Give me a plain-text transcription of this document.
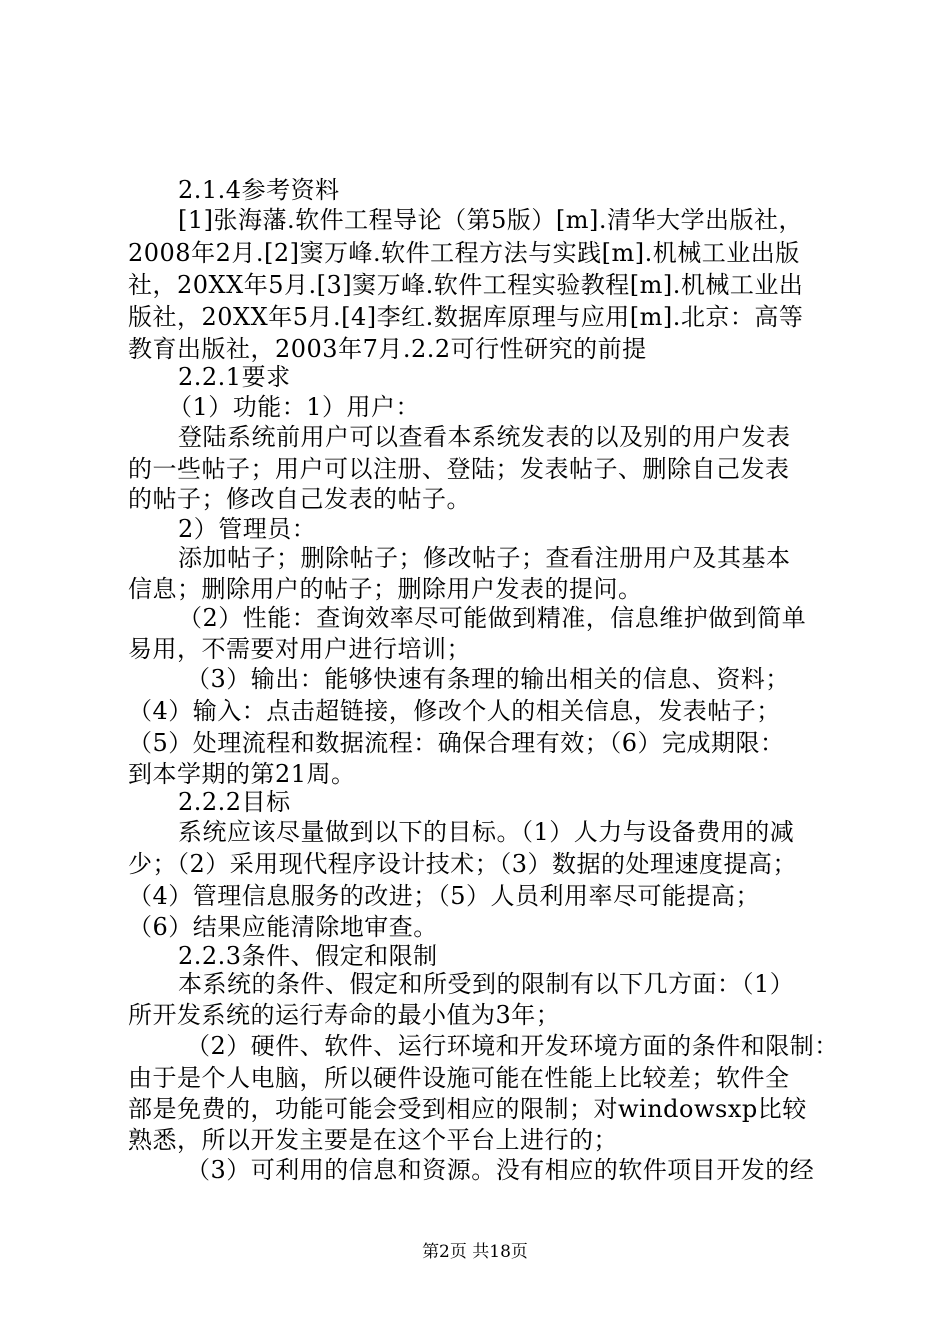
2.1.4参考资料
[1]张海藩.软件工程导论（第5版）[m].清华大学出版社，
2008年2月.[2]窦万峰.软件工程方法与实践[m].机械工业出版
社，20XX年5月.[3]窦万峰.软件工程实验教程[m].机械工业出
版社，20XX年5月.[4]李红.数据库原理与应用[m].北京：高等
教育出版社，2003年7月.2.2可行性研究的前提
2.2.1要求
（1）功能：1）用户：
登陆系统前用户可以查看本系统发表的以及别的用户发表
的一些帖子；用户可以注册、登陆；发表帖子、删除自己发表
的帖子；修改自己发表的帖子。
2）管理员：
添加帖子；删除帖子；修改帖子；查看注册用户及其基本
信息；删除用户的帖子；删除用户发表的提问。
（2）性能：查询效率尽可能做到精准，信息维护做到简单
易用，不需要对用户进行培训；
（3）输出：能够快速有条理的输出相关的信息、资料；
（4）输入：点击超链接，修改个人的相关信息，发表帖子；
（5）处理流程和数据流程：确保合理有效；（6）完成期限：
到本学期的第21周。
2.2.2目标
系统应该尽量做到以下的目标。（1）人力与设备费用的减
少；（2）采用现代程序设计技术；（3）数据的处理速度提高；
（4）管理信息服务的改进；（5）人员利用率尽可能提高；
（6）结果应能清除地审查。
2.2.3条件、假定和限制
本系统的条件、假定和所受到的限制有以下几方面：（1）
所开发系统的运行寿命的最小值为3年；
（2）硬件、软件、运行环境和开发环境方面的条件和限制：
由于是个人电脑，所以硬件设施可能在性能上比较差；软件全
部是免费的，功能可能会受到相应的限制；对windowsxp比较
熟悉，所以开发主要是在这个平台上进行的；
（3）可利用的信息和资源。没有相应的软件项目开发的经
第2页 共18页
